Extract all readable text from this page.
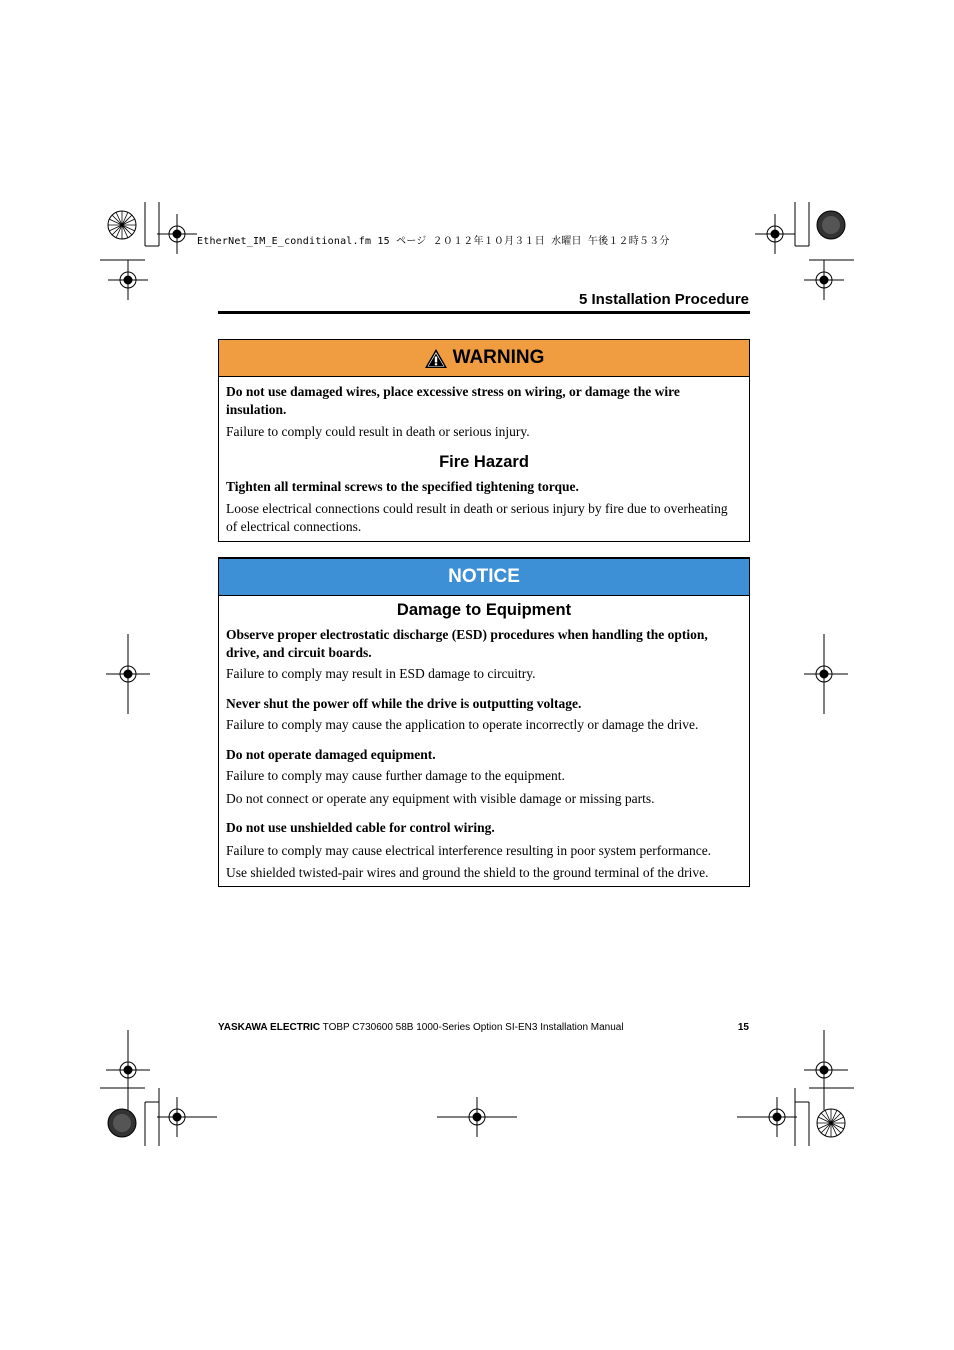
EtherNet_IM_E_conditional.fm 15 ページ ２０１２年１０月３１日 水曜日 午後１２時５３分
5 Installation Procedure
WARNING

Do not use damaged wires, place excessive stress on wiring, or damage the wire insulation.

Failure to comply could result in death or serious injury.

Fire Hazard

Tighten all terminal screws to the specified tightening torque.

Loose electrical connections could result in death or serious injury by fire due to overheating of electrical connections.

NOTICE

Damage to Equipment

Observe proper electrostatic discharge (ESD) procedures when handling the option, drive, and circuit boards.

Failure to comply may result in ESD damage to circuitry.

Never shut the power off while the drive is outputting voltage.

Failure to comply may cause the application to operate incorrectly or damage the drive.

Do not operate damaged equipment.

Failure to comply may cause further damage to the equipment.

Do not connect or operate any equipment with visible damage or missing parts.

Do not use unshielded cable for control wiring.

Failure to comply may cause electrical interference resulting in poor system performance.

Use shielded twisted-pair wires and ground the shield to the ground terminal of the drive.

YASKAWA ELECTRIC TOBP C730600 58B 1000-Series Option SI-EN3 Installation Manual	15
